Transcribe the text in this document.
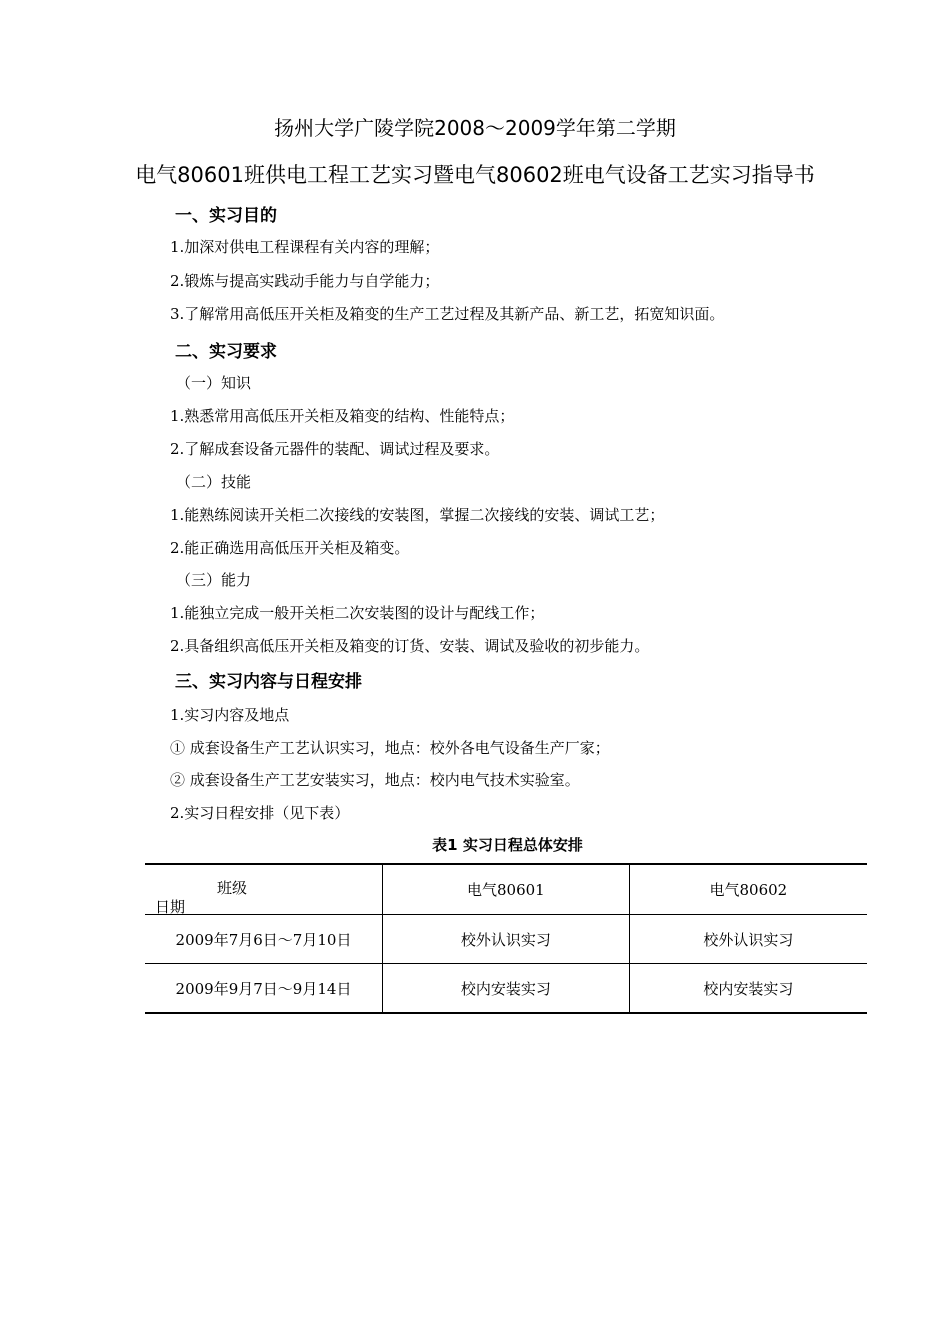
扬州大学广陵学院2008～2009学年第二学期
电气80601班供电工程工艺实习暨电气80602班电气设备工艺实习指导书
一、实习目的
1.加深对供电工程课程有关内容的理解；
2.锻炼与提高实践动手能力与自学能力；
3.了解常用高低压开关柜及箱变的生产工艺过程及其新产品、新工艺，拓宽知识面。
二、实习要求
（一）知识
1.熟悉常用高低压开关柜及箱变的结构、性能特点；
2.了解成套设备元器件的装配、调试过程及要求。
（二）技能
1.能熟练阅读开关柜二次接线的安装图，掌握二次接线的安装、调试工艺；
2.能正确选用高低压开关柜及箱变。
（三）能力
1.能独立完成一般开关柜二次安装图的设计与配线工作；
2.具备组织高低压开关柜及箱变的订货、安装、调试及验收的初步能力。
三、实习内容与日程安排
1.实习内容及地点
① 成套设备生产工艺认识实习，地点：校外各电气设备生产厂家；
② 成套设备生产工艺安装实习，地点：校内电气技术实验室。
2.实习日程安排（见下表）
表1 实习日程总体安排
班级
日期	电气80601	电气80602
2009年7月6日～7月10日	校外认识实习	校外认识实习
2009年9月7日～9月14日	校内安装实习	校内安装实习
